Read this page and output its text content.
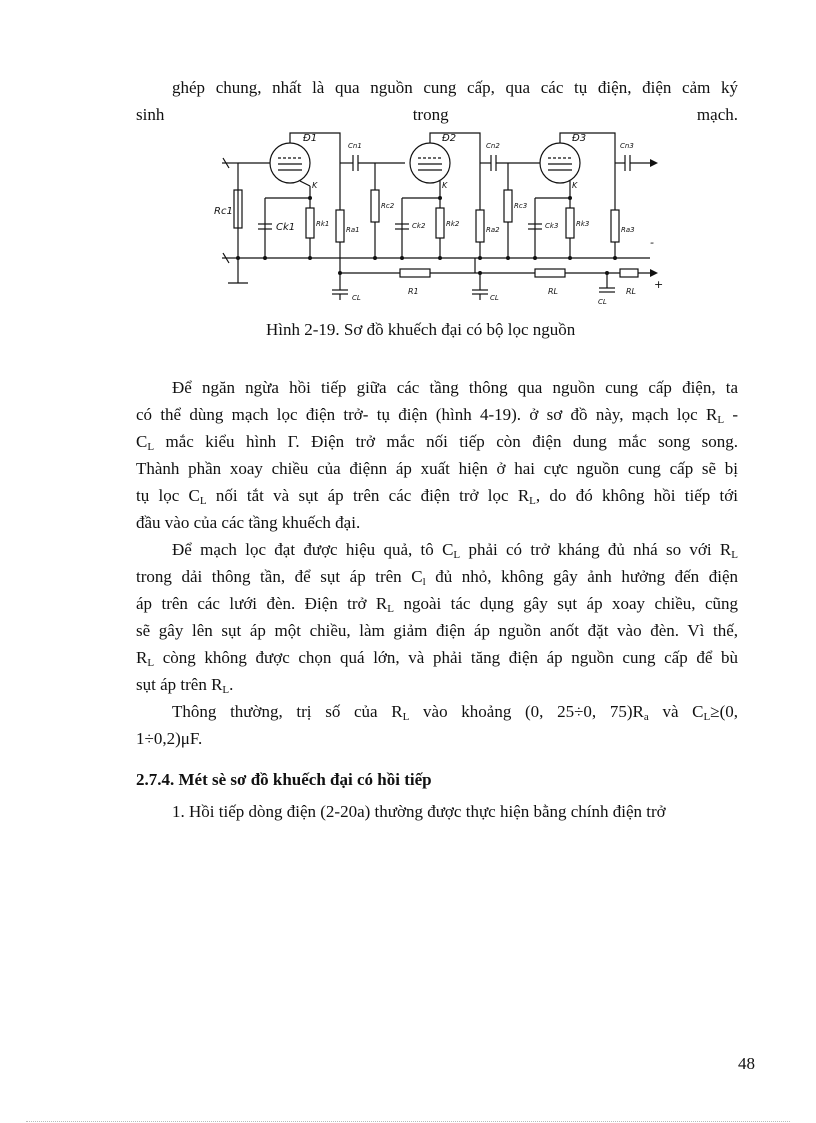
ghép chung, nhất là qua nguồn cung cấp, qua các tụ điện, điện cảm ký
sinh	trong	mạch.
Đ1	Đ2	Đ3
Rc1
Ck1	Rk1
Ra1
Cn1
K
Rc2
Ck2	Rk2
Ra2
Cn2
K
Rc3
Ck3	Rk3
Ra3
Cn3
K
CL
R1
CL
RL
CL
RL
-
+
Hình 2-19. Sơ đồ khuếch đại có bộ lọc nguồn
Để ngăn ngừa hồi tiếp giữa các tầng thông qua nguồn cung cấp điện, ta
có thể dùng mạch lọc điện trở- tụ điện (hình 4-19). ở sơ đồ này, mạch lọc $R_L$ -
$C_L$ mắc kiểu hình Γ. Điện trở mắc nối tiếp còn điện dung mắc song song.
Thành phần xoay chiều của điệnn áp xuất hiện ở hai cực nguồn cung cấp sẽ bị
tụ lọc $C_L$ nối tắt và sụt áp trên các điện trở lọc $R_L$, do đó không hồi tiếp tới
đầu vào của các tầng khuếch đại.
Để mạch lọc đạt được hiệu quả, tô $C_L$ phải có trở kháng đủ nhá so với $R_L$
trong dải thông tần, để sụt áp trên $C_l$ đủ nhỏ, không gây ảnh hưởng đến điện
áp trên các lưới đèn. Điện trở $R_L$ ngoài tác dụng gây sụt áp xoay chiều, cũng
sẽ gây lên sụt áp một chiều, làm giảm điện áp nguồn anốt đặt vào đèn. Vì thế,
$R_L$ còng không được chọn quá lớn, và phải tăng điện áp nguồn cung cấp để bù
sụt áp trên $R_L$.
Thông thường, trị số của $R_L$ vào khoảng (0, 25÷0, $75)R_a$ và $C_L\ge(0$,
1÷0,2)μF.
2.7.4. Mét sè sơ đồ khuếch đại có hồi tiếp
1. Hồi tiếp dòng điện (2-20a) thường được thực hiện bằng chính điện trở
48
